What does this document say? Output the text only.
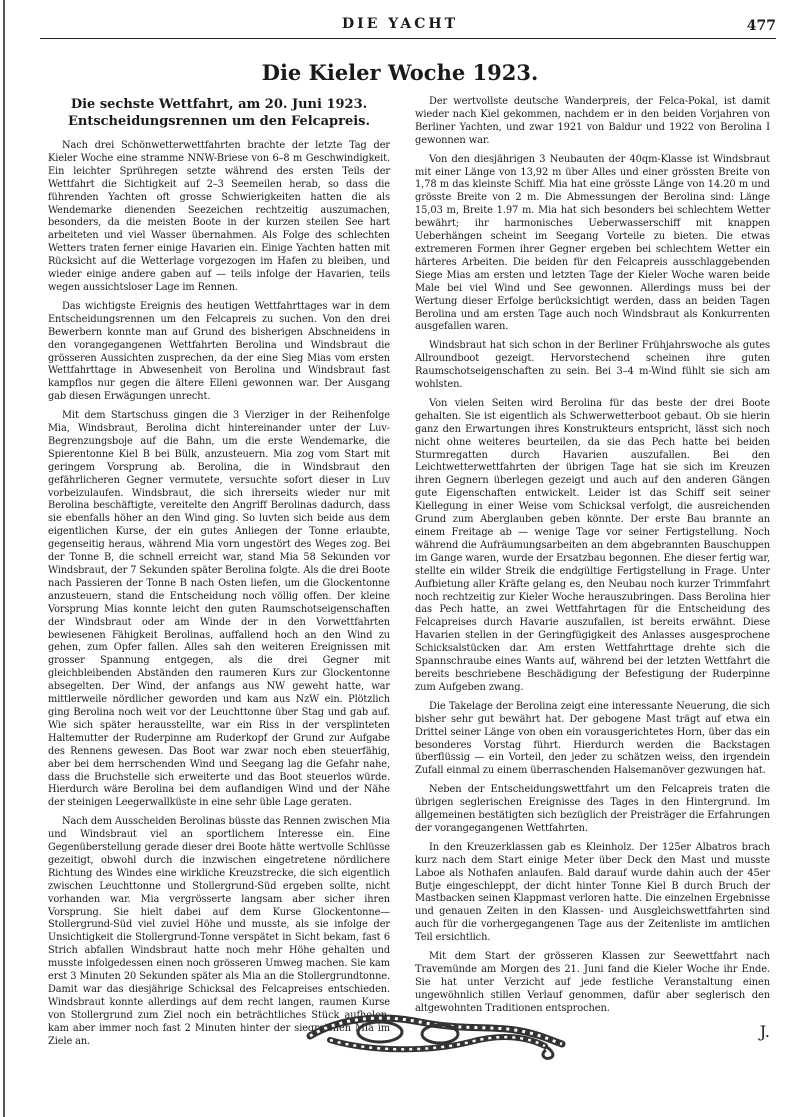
DIE YACHT	477
Die Kieler Woche 1923.
Die sechste Wettfahrt, am 20. Juni 1923.
Entscheidungsrennen um den Felcapreis.

Nach drei Schönwetterwettfahrten brachte der letzte Tag der Kieler Woche eine stramme NNW-Briese von 6–8 m Geschwindigkeit. Ein leichter Sprühregen setzte während des ersten Teils der Wettfahrt die Sichtigkeit auf 2–3 Seemeilen herab, so dass die führenden Yachten oft grosse Schwierigkeiten hatten die als Wendemarke dienenden Seezeichen rechtzeitig auszumachen, besonders, da die meisten Boote in der kurzen steilen See hart arbeiteten und viel Wasser übernahmen. Als Folge des schlechten Wetters traten ferner einige Havarien ein. Einige Yachten hatten mit Rücksicht auf die Wetterlage vorgezogen im Hafen zu bleiben, und wieder einige andere gaben auf — teils infolge der Havarien, teils wegen aussichtsloser Lage im Rennen.

Das wichtigste Ereignis des heutigen Wettfahrttages war in dem Entscheidungsrennen um den Felcapreis zu suchen. Von den drei Bewerbern konnte man auf Grund des bisherigen Abschneidens in den vorangegangenen Wettfahrten Berolina und Windsbraut die grösseren Aussichten zusprechen, da der eine Sieg Mias vom ersten Wettfahrttage in Abwesenheit von Berolina und Windsbraut fast kampflos nur gegen die ältere Elleni gewonnen war. Der Ausgang gab diesen Erwägungen unrecht.

Mit dem Startschuss gingen die 3 Vierziger in der Reihenfolge Mia, Windsbraut, Berolina dicht hintereinander unter der Luv-Begrenzungsboje auf die Bahn, um die erste Wendemarke, die Spierentonne Kiel B bei Bülk, anzusteuern. Mia zog vom Start mit geringem Vorsprung ab. Berolina, die in Windsbraut den gefährlicheren Gegner vermutete, versuchte sofort dieser in Luv vorbeizulaufen. Windsbraut, die sich ihrerseits wieder nur mit Berolina beschäftigte, vereitelte den Angriff Berolinas dadurch, dass sie ebenfalls höher an den Wind ging. So luvten sich beide aus dem eigentlichen Kurse, der ein gutes Anliegen der Tonne erlaubte, gegenseitig heraus, während Mia vorn ungestört des Weges zog. Bei der Tonne B, die schnell erreicht war, stand Mia 58 Sekunden vor Windsbraut, der 7 Sekunden später Berolina folgte. Als die drei Boote nach Passieren der Tonne B nach Osten liefen, um die Glockentonne anzusteuern, stand die Entscheidung noch völlig offen. Der kleine Vorsprung Mias konnte leicht den guten Raumschotseigenschaften der Windsbraut oder am Winde der in den Vorwettfahrten bewiesenen Fähigkeit Berolinas, auffallend hoch an den Wind zu gehen, zum Opfer fallen. Alles sah den weiteren Ereignissen mit grosser Spannung entgegen, als die drei Gegner mit gleichbleibenden Abständen den raumeren Kurs zur Glockentonne absegelten. Der Wind, der anfangs aus NW geweht hatte, war mittlerweile nördlicher geworden und kam aus NzW ein. Plötzlich ging Berolina noch weit vor der Leuchttonne über Stag und gab auf. Wie sich später herausstellte, war ein Riss in der versplinteten Haltemutter der Ruderpinne am Ruderkopf der Grund zur Aufgabe des Rennens gewesen. Das Boot war zwar noch eben steuerfähig, aber bei dem herrschenden Wind und Seegang lag die Gefahr nahe, dass die Bruchstelle sich erweiterte und das Boot steuerlos würde. Hierdurch wäre Berolina bei dem auflandigen Wind und der Nähe der steinigen Leegerwallküste in eine sehr üble Lage geraten.

Nach dem Ausscheiden Berolinas büsste das Rennen zwischen Mia und Windsbraut viel an sportlichem Interesse ein. Eine Gegenüberstellung gerade dieser drei Boote hätte wertvolle Schlüsse gezeitigt, obwohl durch die inzwischen eingetretene nördlichere Richtung des Windes eine wirkliche Kreuzstrecke, die sich eigentlich zwischen Leuchttonne und Stollergrund-Süd ergeben sollte, nicht vorhanden war. Mia vergrösserte langsam aber sicher ihren Vorsprung. Sie hielt dabei auf dem Kurse Glockentonne—Stollergrund-Süd viel zuviel Höhe und musste, als sie infolge der Unsichtigkeit die Stollergrund-Tonne verspätet in Sicht bekam, fast 6 Strich abfallen Windsbraut hatte noch mehr Höhe gehalten und musste infolgedessen einen noch grösseren Umweg machen. Sie kam erst 3 Minuten 20 Sekunden später als Mia an die Stollergrundtonne. Damit war das diesjährige Schicksal des Felcapreises entschieden. Windsbraut konnte allerdings auf dem recht langen, raumen Kurse von Stollergrund zum Ziel noch ein beträchtliches Stück aufholen, kam aber immer noch fast 2 Minuten hinter der siegreichen Mia im Ziele an.

Der wertvollste deutsche Wanderpreis, der Felca-Pokal, ist damit wieder nach Kiel gekommen, nachdem er in den beiden Vorjahren von Berliner Yachten, und zwar 1921 von Baldur und 1922 von Berolina I gewonnen war.

Von den diesjährigen 3 Neubauten der 40qm-Klasse ist Windsbraut mit einer Länge von 13,92 m über Alles und einer grössten Breite von 1,78 m das kleinste Schiff. Mia hat eine grösste Länge von 14.20 m und grösste Breite von 2 m. Die Abmessungen der Berolina sind: Länge 15,03 m, Breite 1.97 m. Mia hat sich besonders bei schlechtem Wetter bewährt; ihr harmonisches Ueberwasserschiff mit knappen Ueberhängen scheint im Seegang Vorteile zu bieten. Die etwas extremeren Formen ihrer Gegner ergeben bei schlechtem Wetter ein härteres Arbeiten. Die beiden für den Felcapreis ausschlaggebenden Siege Mias am ersten und letzten Tage der Kieler Woche waren beide Male bei viel Wind und See gewonnen. Allerdings muss bei der Wertung dieser Erfolge berücksichtigt werden, dass an beiden Tagen Berolina und am ersten Tage auch noch Windsbraut als Konkurrenten ausgefallen waren.

Windsbraut hat sich schon in der Berliner Frühjahrswoche als gutes Allroundboot gezeigt. Hervorstechend scheinen ihre guten Raumschotseigenschaften zu sein. Bei 3–4 m-Wind fühlt sie sich am wohlsten.

Von vielen Seiten wird Berolina für das beste der drei Boote gehalten. Sie ist eigentlich als Schwerwetterboot gebaut. Ob sie hierin ganz den Erwartungen ihres Konstrukteurs entspricht, lässt sich noch nicht ohne weiteres beurteilen, da sie das Pech hatte bei beiden Sturmregatten durch Havarien auszufallen. Bei den Leichtwetterwettfahrten der übrigen Tage hat sie sich im Kreuzen ihren Gegnern überlegen gezeigt und auch auf den anderen Gängen gute Eigenschaften entwickelt. Leider ist das Schiff seit seiner Kiellegung in einer Weise vom Schicksal verfolgt, die ausreichenden Grund zum Aberglauben geben könnte. Der erste Bau brannte an einem Freitage ab — wenige Tage vor seiner Fertigstellung. Noch während die Aufräumungsarbeiten an dem abgebrannten Bauschuppen im Gange waren, wurde der Ersatzbau begonnen. Ehe dieser fertig war, stellte ein wilder Streik die endgültige Fertigstellung in Frage. Unter Aufbietung aller Kräfte gelang es, den Neubau noch kurzer Trimmfahrt noch rechtzeitig zur Kieler Woche herauszubringen. Dass Berolina hier das Pech hatte, an zwei Wettfahrtagen für die Entscheidung des Felcapreises durch Havarie auszufallen, ist bereits erwähnt. Diese Havarien stellen in der Geringfügigkeit des Anlasses ausgesprochene Schicksalstücken dar. Am ersten Wettfahrttage drehte sich die Spannschraube eines Wants auf, während bei der letzten Wettfahrt die bereits beschriebene Beschädigung der Befestigung der Ruderpinne zum Aufgeben zwang.

Die Takelage der Berolina zeigt eine interessante Neuerung, die sich bisher sehr gut bewährt hat. Der gebogene Mast trägt auf etwa ein Drittel seiner Länge von oben ein vorausgerichtetes Horn, über das ein besonderes Vorstag führt. Hierdurch werden die Backstagen überflüssig — ein Vorteil, den jeder zu schätzen weiss, den irgendein Zufall einmal zu einem überraschenden Halsemanöver gezwungen hat.

Neben der Entscheidungswettfahrt um den Felcapreis traten die übrigen seglerischen Ereignisse des Tages in den Hintergrund. Im allgemeinen bestätigten sich bezüglich der Preisträger die Erfahrungen der vorangegangenen Wettfahrten.

In den Kreuzerklassen gab es Kleinholz. Der 125er Albatros brach kurz nach dem Start einige Meter über Deck den Mast und musste Laboe als Nothafen anlaufen. Bald darauf wurde dahin auch der 45er Butje eingeschleppt, der dicht hinter Tonne Kiel B durch Bruch der Mastbacken seinen Klappmast verloren hatte. Die einzelnen Ergebnisse und genauen Zeiten in den Klassen- und Ausgleichswettfahrten sind auch für die vorhergegangenen Tage aus der Zeitenliste im amtlichen Teil ersichtlich.

Mit dem Start der grösseren Klassen zur Seewettfahrt nach Travemünde am Morgen des 21. Juni fand die Kieler Woche ihr Ende. Sie hat unter Verzicht auf jede festliche Veranstaltung einen ungewöhnlich stillen Verlauf genommen, dafür aber seglerisch den altgewohnten Traditionen entsprochen.

J.
